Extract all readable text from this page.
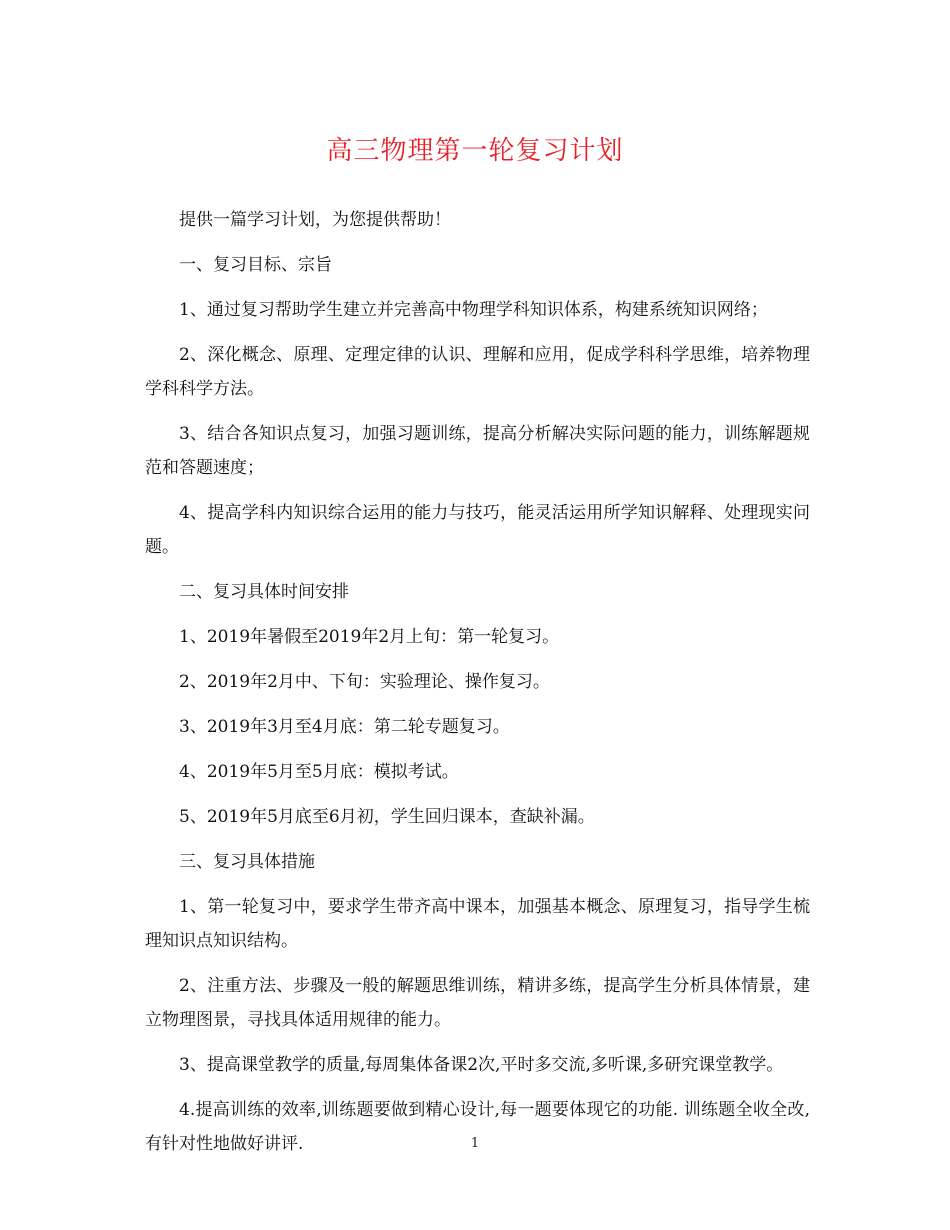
高三物理第一轮复习计划

提供一篇学习计划，为您提供帮助！

一、复习目标、宗旨

1、通过复习帮助学生建立并完善高中物理学科知识体系，构建系统知识网络；

2、深化概念、原理、定理定律的认识、理解和应用，促成学科科学思维，培养物理学科科学方法。

3、结合各知识点复习，加强习题训练，提高分析解决实际问题的能力，训练解题规范和答题速度；

4、提高学科内知识综合运用的能力与技巧，能灵活运用所学知识解释、处理现实问题。

二、复习具体时间安排

1、2019年暑假至2019年2月上旬：第一轮复习。

2、2019年2月中、下旬：实验理论、操作复习。

3、2019年3月至4月底：第二轮专题复习。

4、2019年5月至5月底：模拟考试。

5、2019年5月底至6月初，学生回归课本，查缺补漏。

三、复习具体措施

1、第一轮复习中，要求学生带齐高中课本，加强基本概念、原理复习，指导学生梳理知识点知识结构。

2、注重方法、步骤及一般的解题思维训练，精讲多练，提高学生分析具体情景，建立物理图景，寻找具体适用规律的能力。

3、提高课堂教学的质量,每周集体备课2次,平时多交流,多听课,多研究课堂教学。

4.提高训练的效率,训练题要做到精心设计,每一题要体现它的功能. 训练题全收全改,有针对性地做好讲评.	1
